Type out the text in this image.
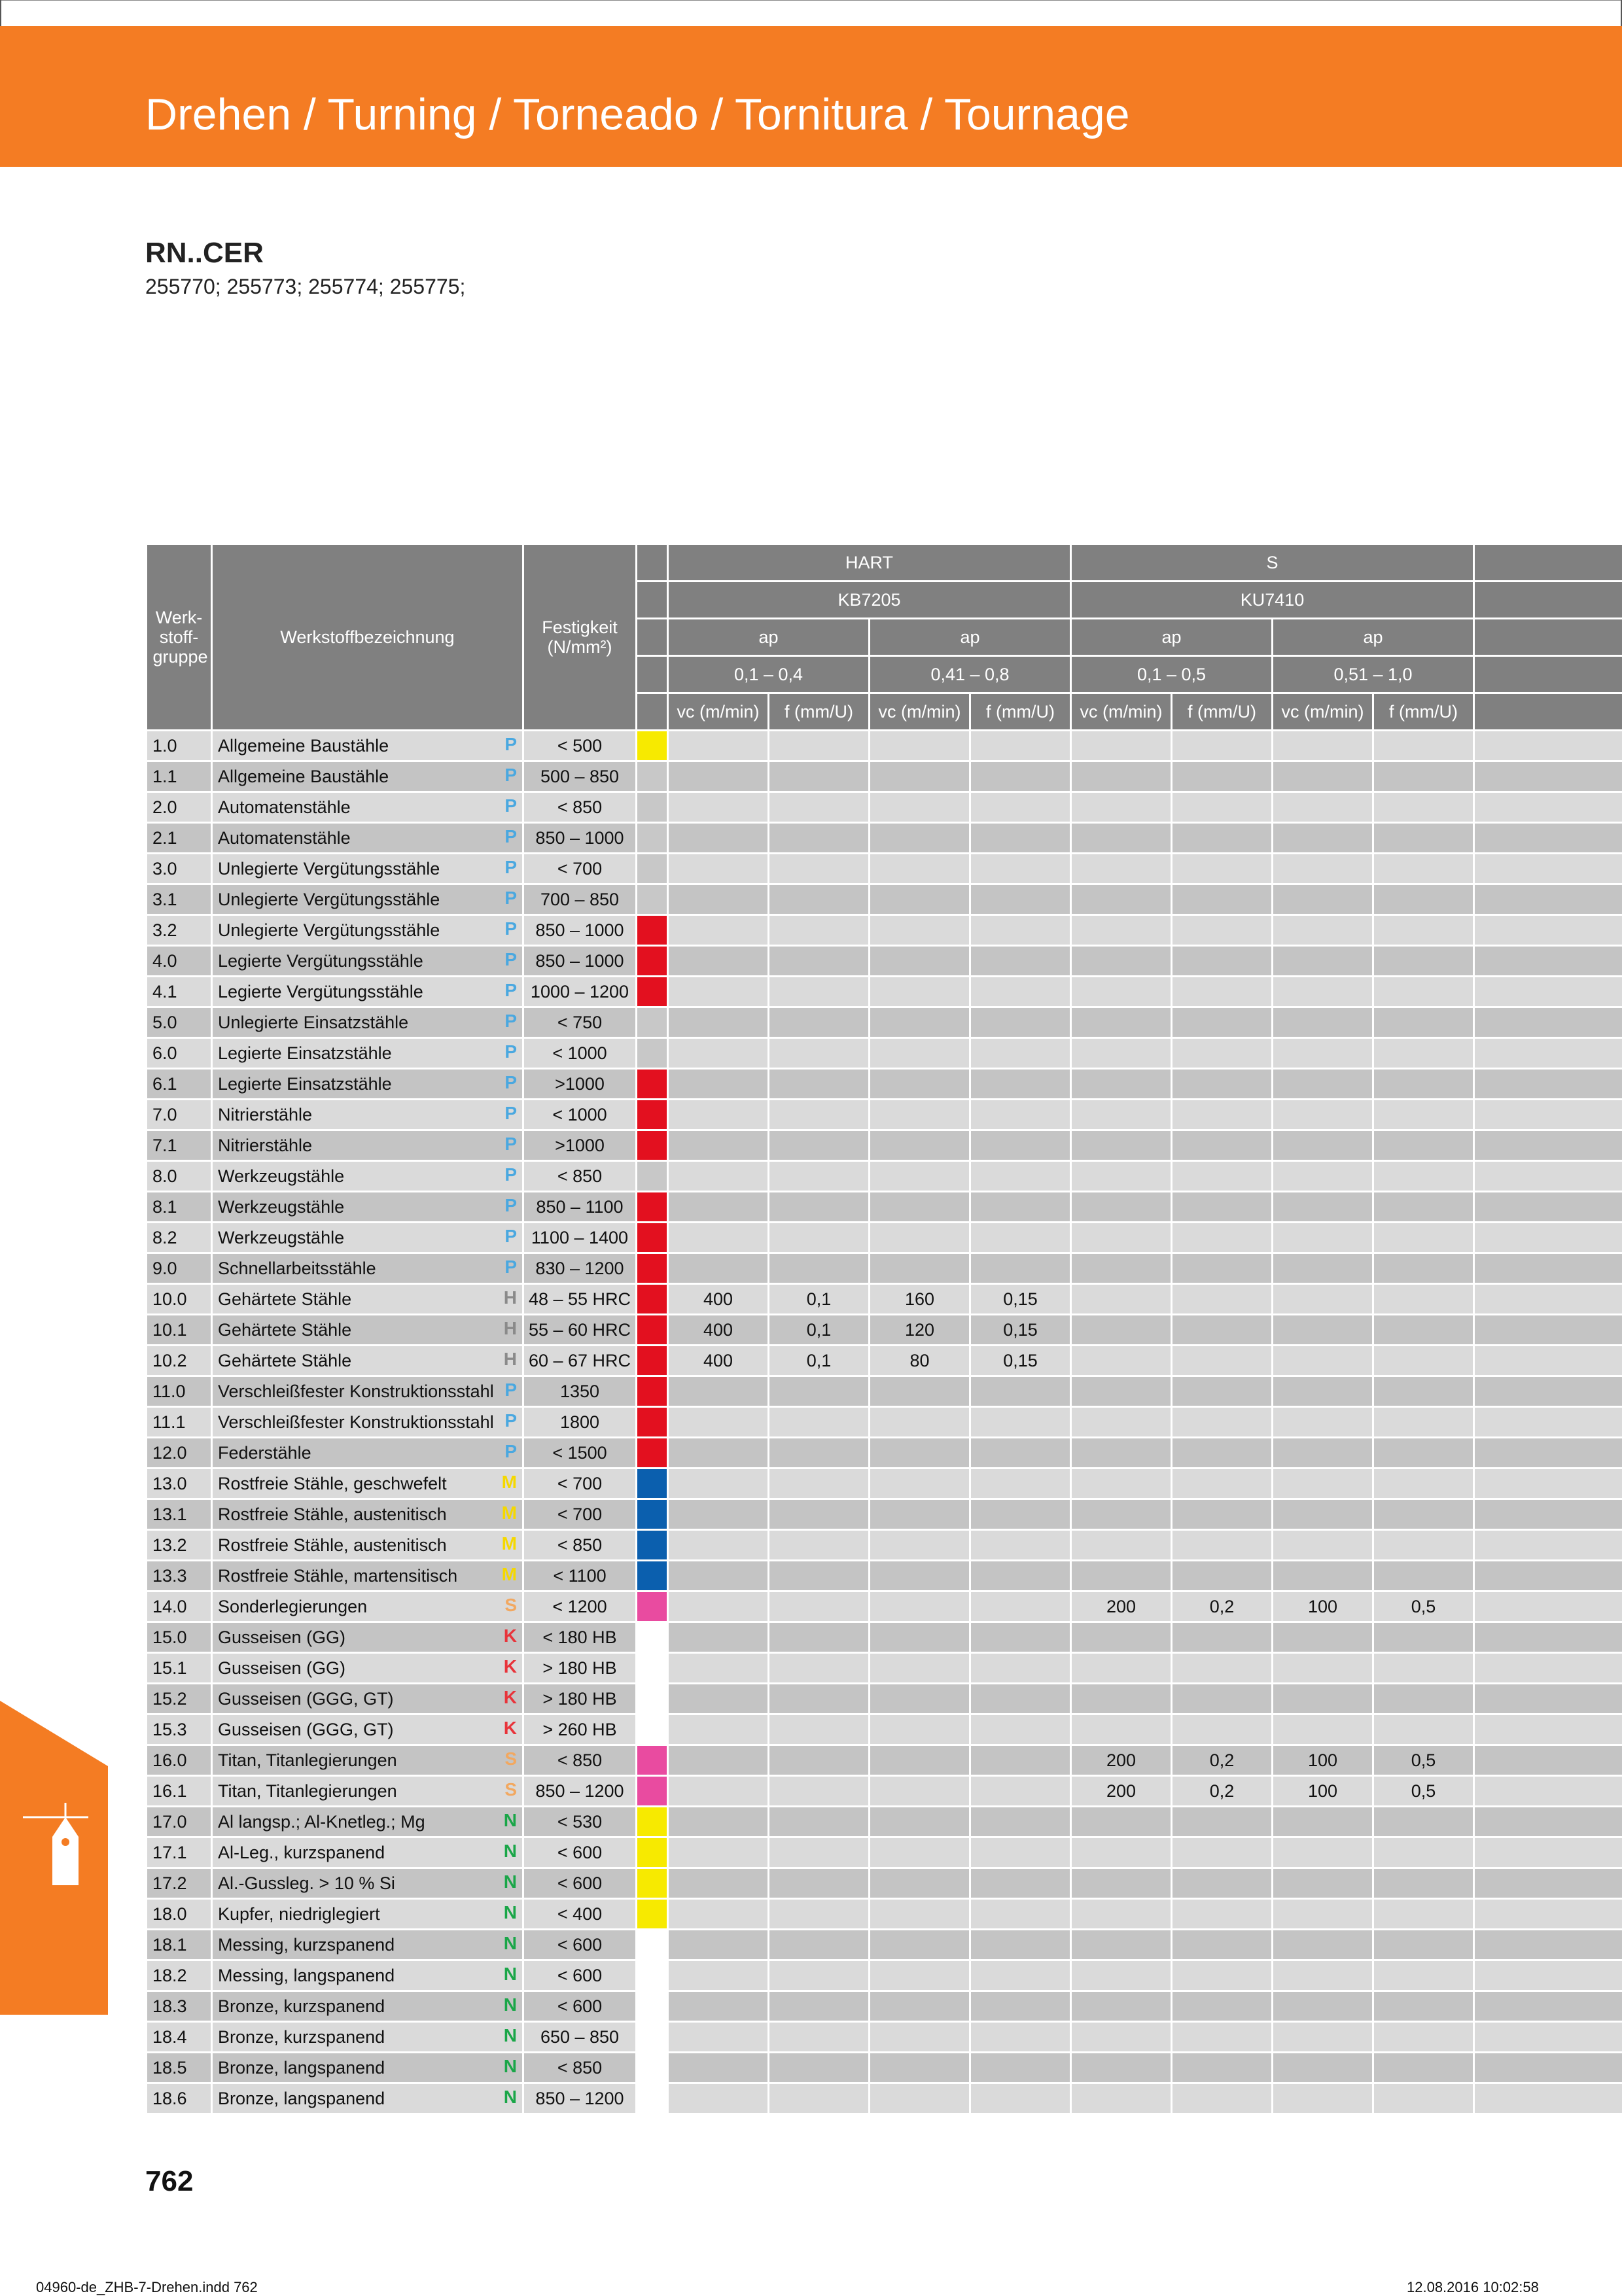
Drehen / Turning / Torneado / Tornitura / Tournage
RN..CER
255770; 255773; 255774; 255775;
Werk-stoff-gruppe	Werkstoffbezeichnung	Festigkeit (N/mm²)		HART				S				
				KB7205				KU7410				
				ap		ap		ap		ap		
				0,1 – 0,4		0,41 – 0,8		0,1 – 0,5		0,51 – 1,0		
				vc (m/min)	f (mm/U)	vc (m/min)	f (mm/U)	vc (m/min)	f (mm/U)	vc (m/min)	f (mm/U)	
1.0	Allgemeine Baustähle P	< 500										
1.1	Allgemeine Baustähle P	500 – 850										
2.0	Automatenstähle P	< 850										
2.1	Automatenstähle P	850 – 1000										
3.0	Unlegierte Vergütungsstähle P	< 700										
3.1	Unlegierte Vergütungsstähle P	700 – 850										
3.2	Unlegierte Vergütungsstähle P	850 – 1000										
4.0	Legierte Vergütungsstähle P	850 – 1000										
4.1	Legierte Vergütungsstähle P	1000 – 1200										
5.0	Unlegierte Einsatzstähle P	< 750										
6.0	Legierte Einsatzstähle P	< 1000										
6.1	Legierte Einsatzstähle P	>1000										
7.0	Nitrierstähle P	< 1000										
7.1	Nitrierstähle P	>1000										
8.0	Werkzeugstähle P	< 850										
8.1	Werkzeugstähle P	850 – 1100										
8.2	Werkzeugstähle P	1100 – 1400										
9.0	Schnellarbeitsstähle P	830 – 1200										
10.0	Gehärtete Stähle H	48 – 55 HRC		400	0,1	160	0,15					
10.1	Gehärtete Stähle H	55 – 60 HRC		400	0,1	120	0,15					
10.2	Gehärtete Stähle H	60 – 67 HRC		400	0,1	80	0,15					
11.0	Verschleißfester Konstruktionsstahl P	1350										
11.1	Verschleißfester Konstruktionsstahl P	1800										
12.0	Federstähle P	< 1500										
13.0	Rostfreie Stähle, geschwefelt M	< 700										
13.1	Rostfreie Stähle, austenitisch M	< 700										
13.2	Rostfreie Stähle, austenitisch M	< 850										
13.3	Rostfreie Stähle, martensitisch M	< 1100										
14.0	Sonderlegierungen S	< 1200						200	0,2	100	0,5	
15.0	Gusseisen (GG) K	< 180 HB										
15.1	Gusseisen (GG) K	> 180 HB										
15.2	Gusseisen (GGG, GT) K	> 180 HB										
15.3	Gusseisen (GGG, GT) K	> 260 HB										
16.0	Titan, Titanlegierungen S	< 850						200	0,2	100	0,5	
16.1	Titan, Titanlegierungen S	850 – 1200						200	0,2	100	0,5	
17.0	Al langsp.; Al-Knetleg.; Mg N	< 530										
17.1	Al-Leg., kurzspanend N	< 600										
17.2	Al.-Gussleg. > 10 % Si N	< 600										
18.0	Kupfer, niedriglegiert N	< 400										
18.1	Messing, kurzspanend N	< 600										
18.2	Messing, langspanend N	< 600										
18.3	Bronze, kurzspanend N	< 600										
18.4	Bronze, kurzspanend N	650 – 850										
18.5	Bronze, langspanend N	< 850										
18.6	Bronze, langspanend N	850 – 1200										
762
04960-de_ZHB-7-Drehen.indd 762	12.08.2016 10:02:58
